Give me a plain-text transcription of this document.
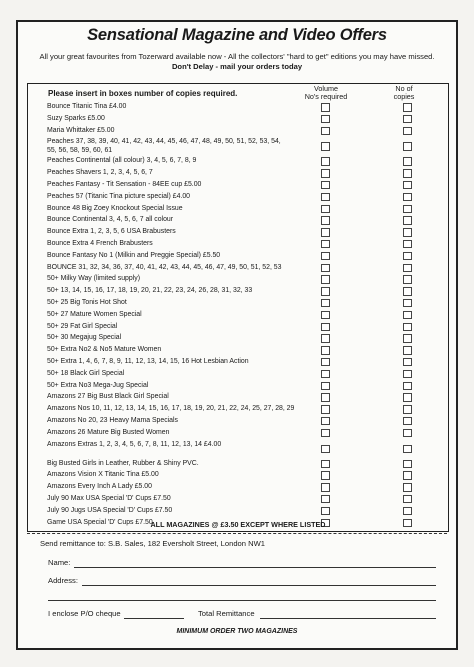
Sensational Magazine and Video Offers
All your great favourites from Tozerward available now - All the collectors' "hard to get" editions you may have missed.
Don't Delay - mail your orders today
Please insert in boxes number of copies required.
Volume
No's required
No of
copies
Bounce Titanic Tina £4.00
Suzy Sparks £5.00
Maria Whittaker £5.00
Peaches 37, 38, 39, 40, 41, 42, 43, 44, 45, 46, 47, 48, 49, 50, 51, 52, 53, 54, 55, 56, 58, 59, 60, 61
Peaches Continental (all colour) 3, 4, 5, 6, 7, 8, 9
Peaches Shavers 1, 2, 3, 4, 5, 6, 7
Peaches Fantasy - Tit Sensation - 84EE cup £5.00
Peaches 57 (Titanic Tina picture special) £4.00
Bounce 48 Big Zoey Knockout Special Issue
Bounce Continental 3, 4, 5, 6, 7 all colour
Bounce Extra 1, 2, 3, 5, 6 USA Brabusters
Bounce Extra 4 French Brabusters
Bounce Fantasy No 1 (Milkin and Preggie Special) £5.50
BOUNCE 31, 32, 34, 36, 37, 40, 41, 42, 43, 44, 45, 46, 47, 49, 50, 51, 52, 53
50+ Milky Way (limited supply)
50+ 13, 14, 15, 16, 17, 18, 19, 20, 21, 22, 23, 24, 26, 28, 31, 32, 33
50+ 25 Big Tonis Hot Shot
50+ 27 Mature Women Special
50+ 29 Fat Girl Special
50+ 30 Megajug Special
50+ Extra No2 & No5 Mature Women
50+ Extra 1, 4, 6, 7, 8, 9, 11, 12, 13, 14, 15, 16 Hot Lesbian Action
50+ 18 Black Girl Special
50+ Extra No3 Mega-Jug Special
Amazons 27 Big Bust Black Girl Special
Amazons Nos 10, 11, 12, 13, 14, 15, 16, 17, 18, 19, 20, 21, 22, 24, 25, 27, 28, 29
Amazons No 20, 23 Heavy Mama Specials
Amazons 26 Mature Big Busted Women
Amazons Extras 1, 2, 3, 4, 5, 6, 7, 8, 11, 12, 13, 14 £4.00
Big Busted Girls in Leather, Rubber & Shiny PVC.
Amazons Vision X Titanic Tina £5.00
Amazons Every Inch A Lady £5.00
July 90 Max USA Special 'D' Cups £7.50
July 90 Jugs USA Special 'D' Cups £7.50
Game USA Special 'D' Cups £7.50
ALL MAGAZINES @ £3.50 EXCEPT WHERE LISTED
Send remittance to: S.B. Sales, 182 Eversholt Street, London NW1
Name:
Address:
I enclose P/O cheque	Total Remittance
MINIMUM ORDER TWO MAGAZINES
